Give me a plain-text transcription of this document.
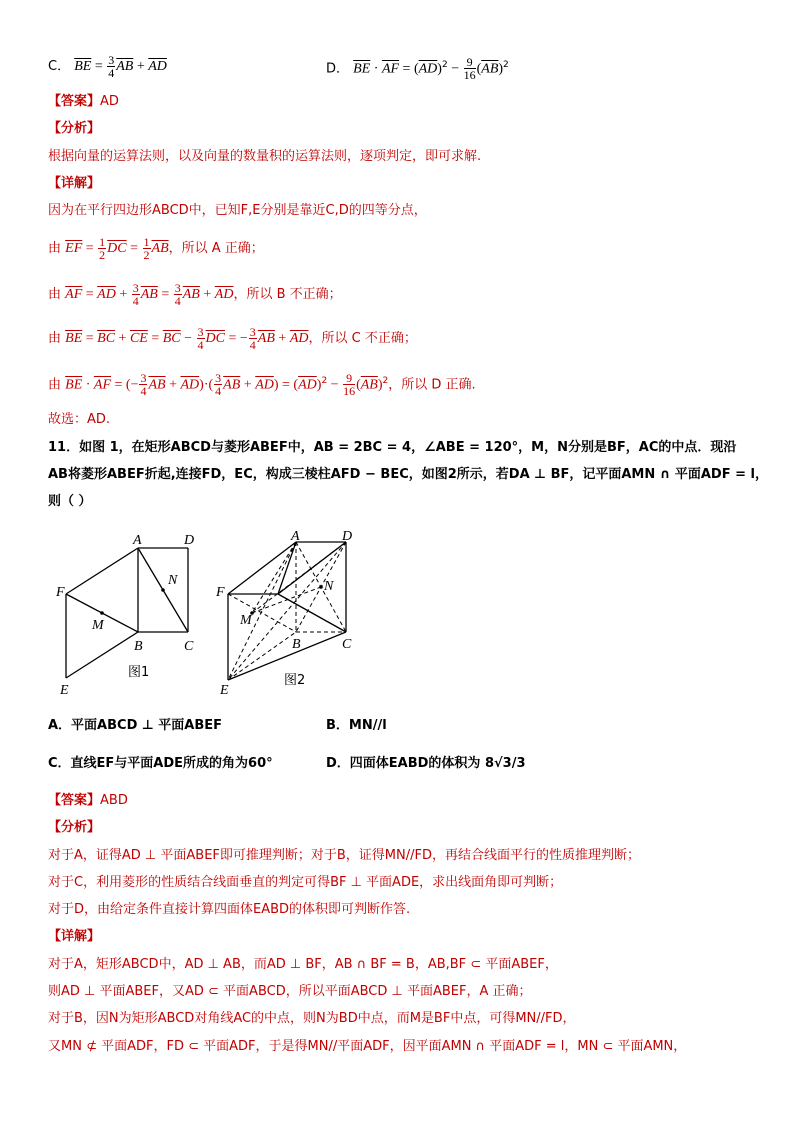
C． $\overline{BE} = \frac{3}{4} \overline{AB} + \overline{AD}$	D． $\overline{BE} \cdot \overline{AF} = (\overline{AD})^2 - \frac{9}{16} (\overline{AB})^2$
【答案】AD
【分析】
根据向量的运算法则，以及向量的数量积的运算法则，逐项判定，即可求解.
【详解】
因为在平行四边形ABCD中，已知F,E分别是靠近C,D的四等分点，
由 $\overline{EF} = \frac{1}{2} \overline{DC} = \frac{1}{2} \overline{AB}$，所以 A 正确；
由 $\overline{AF} = \overline{AD} + \frac{3}{4} \overline{AB} = \frac{3}{4} \overline{AB} + \overline{AD}$，所以 B 不正确；
由 $\overline{BE} = \overline{BC} + \overline{CE} = \overline{BC} - \frac{3}{4} \overline{DC}$ = − $\frac{3}{4} \overline{AB} + \overline{AD}$，所以 C 不正确；
由 $\overline{BE} \cdot \overline{AF}$ = (− $\frac{3}{4} \overline{AB} + \overline{AD})\cdot( \frac{3}{4} \overline{AB} + \overline{AD}) = (\overline{AD})^2 - \frac{9}{16} (\overline{AB})^2$，所以 D 正确.
故选：AD.
11．如图 1，在矩形ABCD与菱形ABEF中，AB = 2BC = 4，∠ABE = 120°，M，N分别是BF，AC的中点．现沿
AB将菱形ABEF折起,连接FD，EC，构成三棱柱AFD − BEC，如图2所示，若DA ⊥ BF，记平面AMN ∩ 平面ADF = l，
则（ ）
A	D
F
N
M
B	C
E
图1
A	D
F	N
M
B	C
E
图2
A．平面ABCD ⊥ 平面ABEF	B．MN//l
C．直线EF与平面ADE所成的角为60°	D．四面体EABD的体积为 8√3/3
【答案】ABD
【分析】
对于A，证得AD ⊥ 平面ABEF即可推理判断；对于B，证得MN//FD，再结合线面平行的性质推理判断；
对于C，利用菱形的性质结合线面垂直的判定可得BF ⊥ 平面ADE，求出线面角即可判断；
对于D，由给定条件直接计算四面体EABD的体积即可判断作答.
【详解】
对于A，矩形ABCD中，AD ⊥ AB，而AD ⊥ BF，AB ∩ BF = B，AB,BF ⊂ 平面ABEF，
则AD ⊥ 平面ABEF，又AD ⊂ 平面ABCD，所以平面ABCD ⊥ 平面ABEF，A 正确；
对于B，因N为矩形ABCD对角线AC的中点，则N为BD中点，而M是BF中点，可得MN//FD，
又MN ⊄ 平面ADF，FD ⊂ 平面ADF，于是得MN//平面ADF，因平面AMN ∩ 平面ADF = l，MN ⊂ 平面AMN，
